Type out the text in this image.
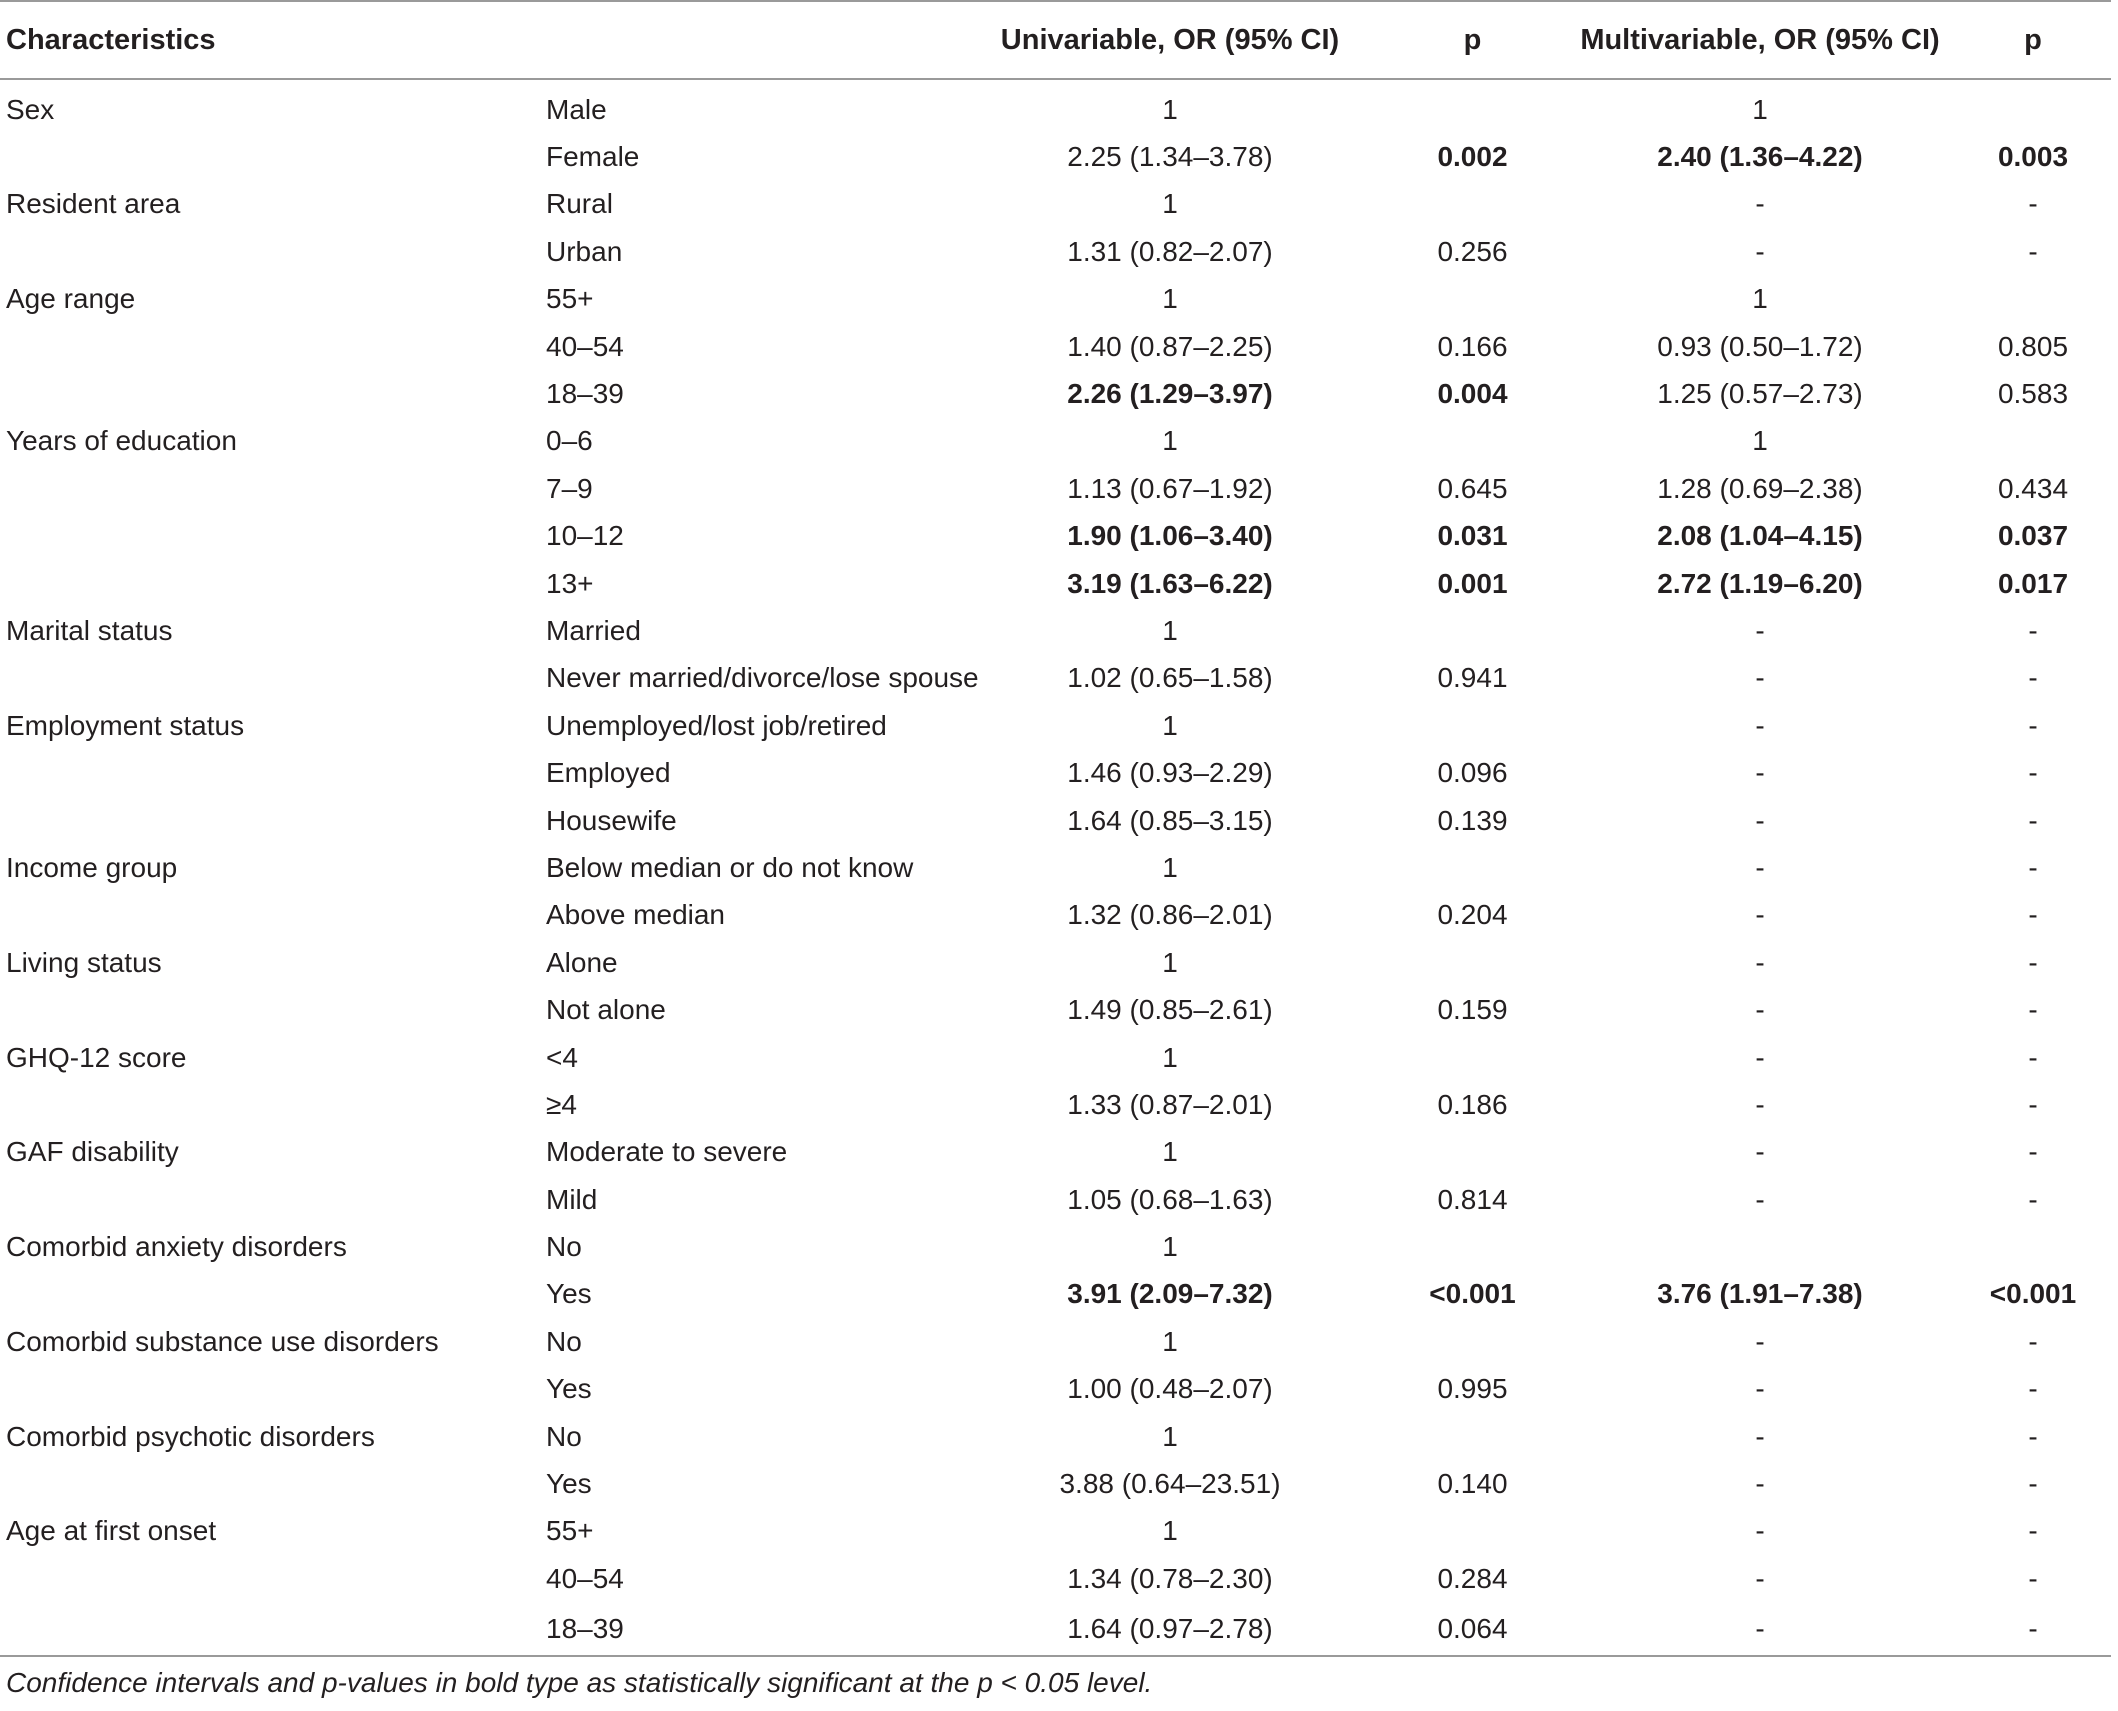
Characteristics		Univariable, OR (95% CI)	p	Multivariable, OR (95% CI)	p
Sex	Male	1		1	
	Female	2.25 (1.34–3.78)	0.002	2.40 (1.36–4.22)	0.003
Resident area	Rural	1		-	-
	Urban	1.31 (0.82–2.07)	0.256	-	-
Age range	55+	1		1	
	40–54	1.40 (0.87–2.25)	0.166	0.93 (0.50–1.72)	0.805
	18–39	2.26 (1.29–3.97)	0.004	1.25 (0.57–2.73)	0.583
Years of education	0–6	1		1	
	7–9	1.13 (0.67–1.92)	0.645	1.28 (0.69–2.38)	0.434
	10–12	1.90 (1.06–3.40)	0.031	2.08 (1.04–4.15)	0.037
	13+	3.19 (1.63–6.22)	0.001	2.72 (1.19–6.20)	0.017
Marital status	Married	1		-	-
	Never married/divorce/lose spouse	1.02 (0.65–1.58)	0.941	-	-
Employment status	Unemployed/lost job/retired	1		-	-
	Employed	1.46 (0.93–2.29)	0.096	-	-
	Housewife	1.64 (0.85–3.15)	0.139	-	-
Income group	Below median or do not know	1		-	-
	Above median	1.32 (0.86–2.01)	0.204	-	-
Living status	Alone	1		-	-
	Not alone	1.49 (0.85–2.61)	0.159	-	-
GHQ-12 score	<4	1		-	-
	≥4	1.33 (0.87–2.01)	0.186	-	-
GAF disability	Moderate to severe	1		-	-
	Mild	1.05 (0.68–1.63)	0.814	-	-
Comorbid anxiety disorders	No	1			
	Yes	3.91 (2.09–7.32)	<0.001	3.76 (1.91–7.38)	<0.001
Comorbid substance use disorders	No	1		-	-
	Yes	1.00 (0.48–2.07)	0.995	-	-
Comorbid psychotic disorders	No	1		-	-
	Yes	3.88 (0.64–23.51)	0.140	-	-
Age at first onset	55+	1		-	-
	40–54	1.34 (0.78–2.30)	0.284	-	-
	18–39	1.64 (0.97–2.78)	0.064	-	-
Confidence intervals and p-values in bold type as statistically significant at the p < 0.05 level.
